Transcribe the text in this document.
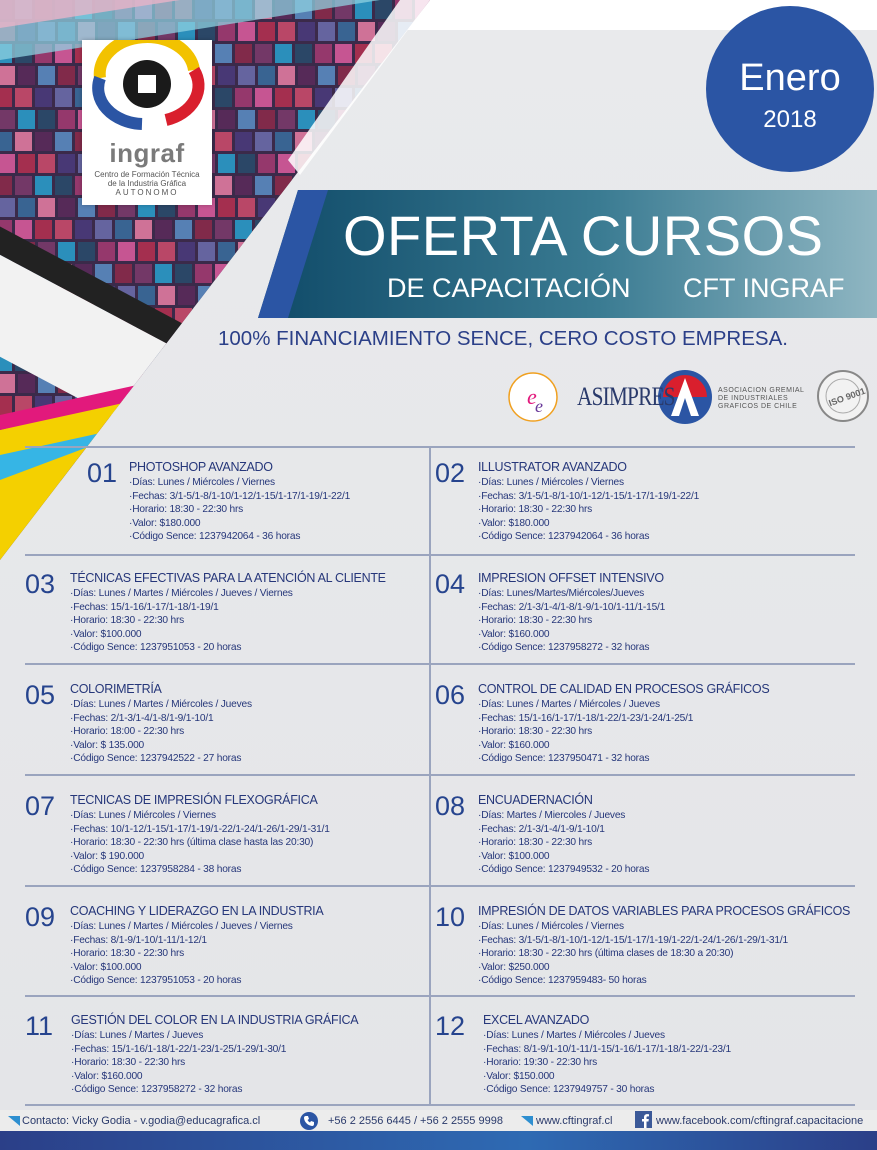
ingraf
Centro de Formación Técnica
de la Industria Gráfica
AUTONOMO
Enero
2018
OFERTA CURSOS
DE CAPACITACIÓN CFT INGRAF
100% FINANCIAMIENTO SENCE, CERO COSTO EMPRESA.
e
e ASIMPRES	ASOCIACION GREMIAL
DE INDUSTRIALES
GRAFICOS DE CHILE	ISO 9001
01 PHOTOSHOP AVANZADO
·Días: Lunes / Miércoles / Viernes
·Fechas: 3/1-5/1-8/1-10/1-12/1-15/1-17/1-19/1-22/1
·Horario: 18:30 - 22:30 hrs
·Valor: $180.000
·Código Sence: 1237942064 - 36 horas
02 ILLUSTRATOR AVANZADO
·Días: Lunes / Miércoles / Viernes
·Fechas: 3/1-5/1-8/1-10/1-12/1-15/1-17/1-19/1-22/1
·Horario: 18:30 - 22:30 hrs
·Valor: $180.000
·Código Sence: 1237942064 - 36 horas
03 TÉCNICAS EFECTIVAS PARA LA ATENCIÓN AL CLIENTE
·Días: Lunes / Martes / Miércoles / Jueves / Viernes
·Fechas: 15/1-16/1-17/1-18/1-19/1
·Horario: 18:30 - 22:30 hrs
·Valor: $100.000
·Código Sence: 1237951053 - 20 horas
04 IMPRESION OFFSET INTENSIVO
·Días: Lunes/Martes/Miércoles/Jueves
·Fechas: 2/1-3/1-4/1-8/1-9/1-10/1-11/1-15/1
·Horario: 18:30 - 22:30 hrs
·Valor: $160.000
·Código Sence: 1237958272 - 32 horas
05 COLORIMETRÍA
·Días: Lunes / Martes / Miércoles / Jueves
·Fechas: 2/1-3/1-4/1-8/1-9/1-10/1
·Horario: 18:00 - 22:30 hrs
·Valor: $ 135.000
·Código Sence: 1237942522 - 27 horas
06 CONTROL DE CALIDAD EN PROCESOS GRÁFICOS
·Días: Lunes / Martes / Miércoles / Jueves
·Fechas: 15/1-16/1-17/1-18/1-22/1-23/1-24/1-25/1
·Horario: 18:30 - 22:30 hrs
·Valor: $160.000
·Código Sence: 1237950471 - 32 horas
07 TECNICAS DE IMPRESIÓN FLEXOGRÁFICA
·Días: Lunes / Miércoles / Viernes
·Fechas: 10/1-12/1-15/1-17/1-19/1-22/1-24/1-26/1-29/1-31/1
·Horario: 18:30 - 22:30 hrs (última clase hasta las 20:30)
·Valor: $ 190.000
·Código Sence: 1237958284 - 38 horas
08 ENCUADERNACIÓN
·Días: Martes / Miercoles / Jueves
·Fechas: 2/1-3/1-4/1-9/1-10/1
·Horario: 18:30 - 22:30 hrs
·Valor: $100.000
·Código Sence: 1237949532 - 20 horas
09 COACHING Y LIDERAZGO EN LA INDUSTRIA
·Días: Lunes / Martes / Miércoles / Jueves / Viernes
·Fechas: 8/1-9/1-10/1-11/1-12/1
·Horario: 18:30 - 22:30 hrs
·Valor: $100.000
·Código Sence: 1237951053 - 20 horas
10 IMPRESIÓN DE DATOS VARIABLES PARA PROCESOS GRÁFICOS
·Días: Lunes / Miércoles / Viernes
·Fechas: 3/1-5/1-8/1-10/1-12/1-15/1-17/1-19/1-22/1-24/1-26/1-29/1-31/1
·Horario: 18:30 - 22:30 hrs (última clases de 18:30 a 20:30)
·Valor: $250.000
·Código Sence: 1237959483- 50 horas
11 GESTIÓN DEL COLOR EN LA INDUSTRIA GRÁFICA
·Días: Lunes / Martes / Jueves
·Fechas: 15/1-16/1-18/1-22/1-23/1-25/1-29/1-30/1
·Horario: 18:30 - 22:30 hrs
·Valor: $160.000
·Código Sence: 1237958272 - 32 horas
12 EXCEL AVANZADO
·Días: Lunes / Martes / Miércoles / Jueves
·Fechas: 8/1-9/1-10/1-11/1-15/1-16/1-17/1-18/1-22/1-23/1
·Horario: 19:30 - 22:30 hrs
·Valor: $150.000
·Código Sence: 1237949757 - 30 horas
Contacto: Vicky Godia - v.godia@educagrafica.cl	+56 2 2556 6445 / +56 2 2555 9998	www.cftingraf.cl	www.facebook.com/cftingraf.capacitacione
